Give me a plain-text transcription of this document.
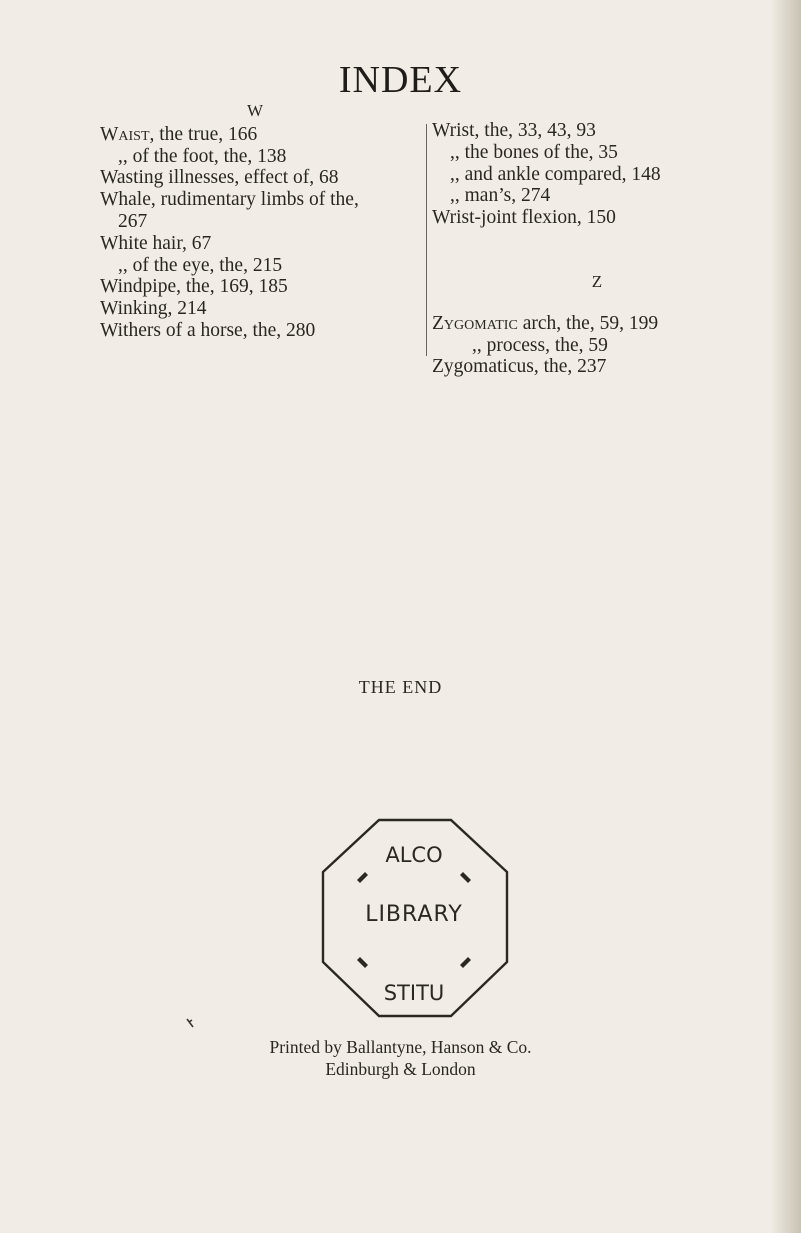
INDEX
W
Waist, the true, 166
,, of the foot, the, 138
Wasting illnesses, effect of, 68
Whale, rudimentary limbs of the,
267
White hair, 67
,, of the eye, the, 215
Windpipe, the, 169, 185
Winking, 214
Withers of a horse, the, 280
Wrist, the, 33, 43, 93
,, the bones of the, 35
,, and ankle compared, 148
,, man’s, 274
Wrist-joint flexion, 150
Z
Zygomatic arch, the, 59, 199
,, process, the, 59
Zygomaticus, the, 237
THE END
ALCO
STITU
LIBRARY
Printed by Ballantyne, Hanson & Co.
Edinburgh & London
